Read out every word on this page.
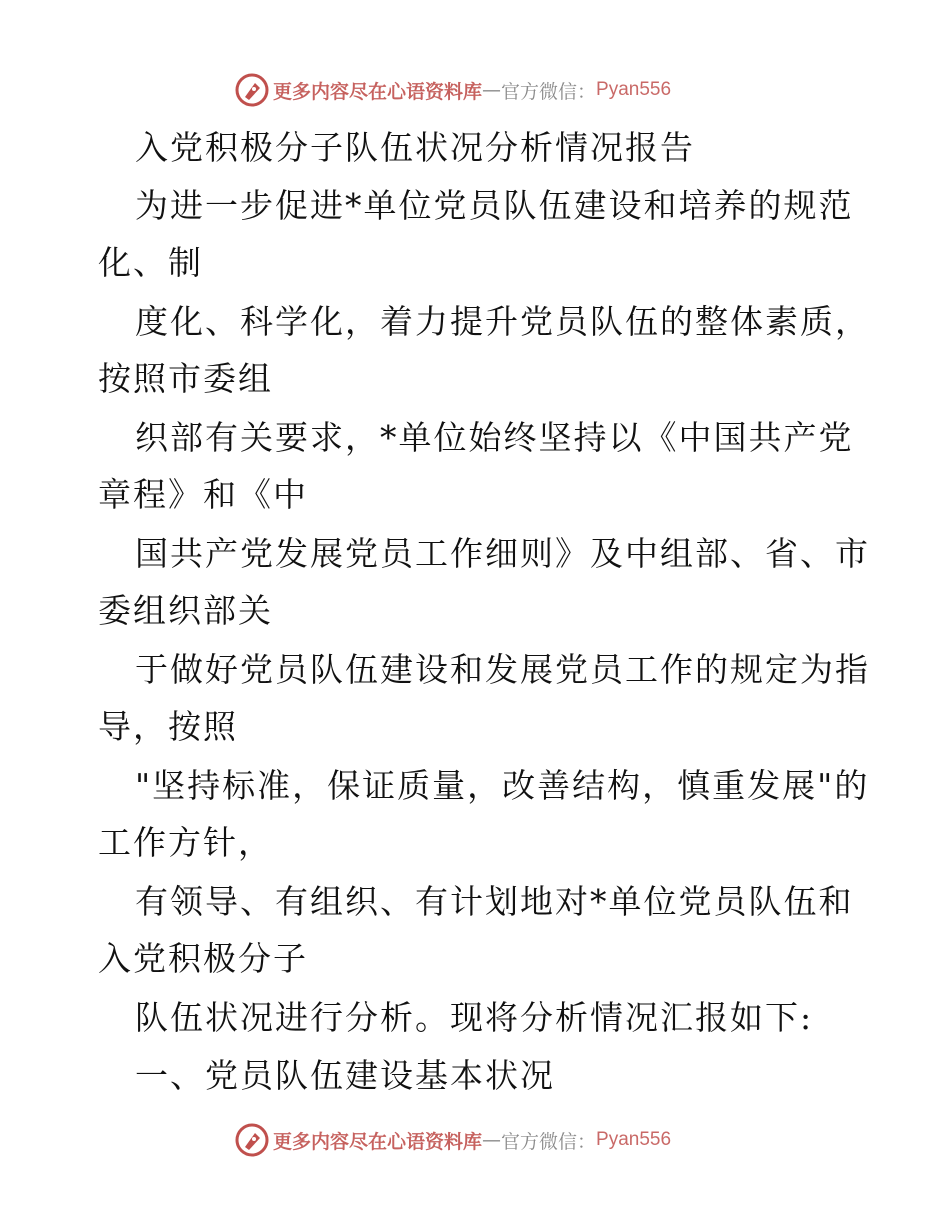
更多内容尽在心语资料库 — 官方微信： Pyan556
入党积极分子队伍状况分析情况报告
为进一步促进*单位党员队伍建设和培养的规范
化、制
度化、科学化，着力提升党员队伍的整体素质，
按照市委组
织部有关要求，*单位始终坚持以《中国共产党
章程》和《中
国共产党发展党员工作细则》及中组部、省、市
委组织部关
于做好党员队伍建设和发展党员工作的规定为指
导，按照
"坚持标准，保证质量，改善结构，慎重发展"的
工作方针，
有领导、有组织、有计划地对*单位党员队伍和
入党积极分子
队伍状况进行分析。现将分析情况汇报如下:
一、党员队伍建设基本状况
更多内容尽在心语资料库 — 官方微信： Pyan556
